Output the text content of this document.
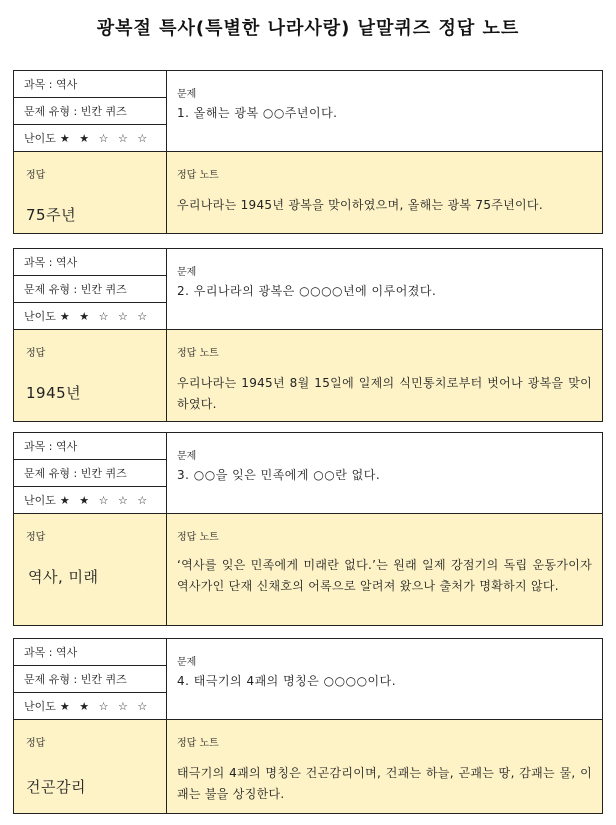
광복절 특사(특별한 나라사랑) 낱말퀴즈 정답 노트
과목 : 역사
문제 유형 : 빈칸 퀴즈
난이도 ★ ★ ☆ ☆ ☆
문제
1. 올해는 광복 ○○주년이다.
정답
75주년
정답 노트
우리나라는 1945년 광복을 맞이하였으며, 올해는 광복 75주년이다.
과목 : 역사
문제 유형 : 빈칸 퀴즈
난이도 ★ ★ ☆ ☆ ☆
문제
2. 우리나라의 광복은 ○○○○년에 이루어졌다.
정답
1945년
정답 노트
우리나라는 1945년 8월 15일에 일제의 식민통치로부터 벗어나 광복을 맞이하였다.
과목 : 역사
문제 유형 : 빈칸 퀴즈
난이도 ★ ★ ☆ ☆ ☆
문제
3. ○○을 잊은 민족에게 ○○란 없다.
정답
역사, 미래
정답 노트
‘역사를 잊은 민족에게 미래란 없다.’는 원래 일제 강점기의 독립 운동가이자 역사가인 단재 신채호의 어록으로 알려져 왔으나 출처가 명확하지 않다.
과목 : 역사
문제 유형 : 빈칸 퀴즈
난이도 ★ ★ ☆ ☆ ☆
문제
4. 태극기의 4괘의 명칭은 ○○○○이다.
정답
건곤감리
정답 노트
태극기의 4괘의 명칭은 건곤감리이며, 건괘는 하늘, 곤괘는 땅, 감괘는 물, 이괘는 불을 상징한다.
